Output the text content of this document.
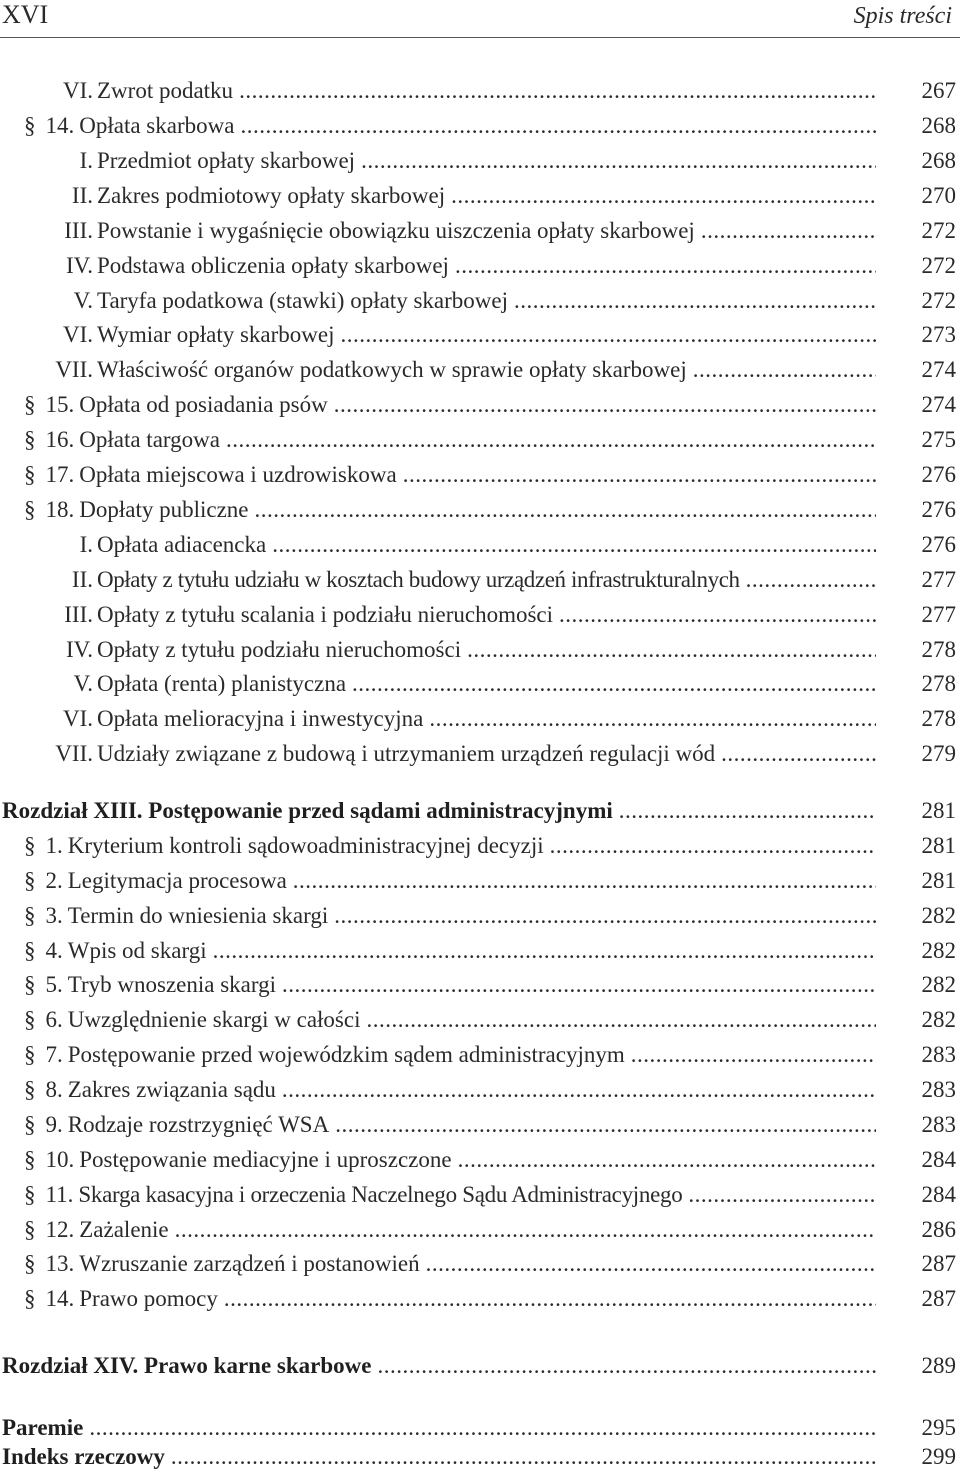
XVI	Spis treści
VI. Zwrot podatku .....	267
§ 14. Opłata skarbowa .....	268
I. Przedmiot opłaty skarbowej .....	268
II. Zakres podmiotowy opłaty skarbowej .....	270
III. Powstanie i wygaśnięcie obowiązku uiszczenia opłaty skarbowej .....	272
IV. Podstawa obliczenia opłaty skarbowej .....	272
V. Taryfa podatkowa (stawki) opłaty skarbowej .....	272
VI. Wymiar opłaty skarbowej .....	273
VII. Właściwość organów podatkowych w sprawie opłaty skarbowej .....	274
§ 15. Opłata od posiadania psów .....	274
§ 16. Opłata targowa .....	275
§ 17. Opłata miejscowa i uzdrowiskowa .....	276
§ 18. Dopłaty publiczne .....	276
I. Opłata adiacencka .....	276
II. Opłaty z tytułu udziału w kosztach budowy urządzeń infrastrukturalnych .....	277
III. Opłaty z tytułu scalania i podziału nieruchomości .....	277
IV. Opłaty z tytułu podziału nieruchomości .....	278
V. Opłata (renta) planistyczna .....	278
VI. Opłata melioracyjna i inwestycyjna .....	278
VII. Udziały związane z budową i utrzymaniem urządzeń regulacji wód .....	279
Rozdział XIII. Postępowanie przed sądami administracyjnymi .....	281
§ 1. Kryterium kontroli sądowoadministracyjnej decyzji .....	281
§ 2. Legitymacja procesowa .....	281
§ 3. Termin do wniesienia skargi .....	282
§ 4. Wpis od skargi .....	282
§ 5. Tryb wnoszenia skargi .....	282
§ 6. Uwzględnienie skargi w całości .....	282
§ 7. Postępowanie przed wojewódzkim sądem administracyjnym .....	283
§ 8. Zakres związania sądu .....	283
§ 9. Rodzaje rozstrzygnięć WSA .....	283
§ 10. Postępowanie mediacyjne i uproszczone .....	284
§ 11. Skarga kasacyjna i orzeczenia Naczelnego Sądu Administracyjnego .....	284
§ 12. Zażalenie .....	286
§ 13. Wzruszanie zarządzeń i postanowień .....	287
§ 14. Prawo pomocy .....	287
Rozdział XIV. Prawo karne skarbowe .....	289
Paremie .....	295
Indeks rzeczowy .....	299
